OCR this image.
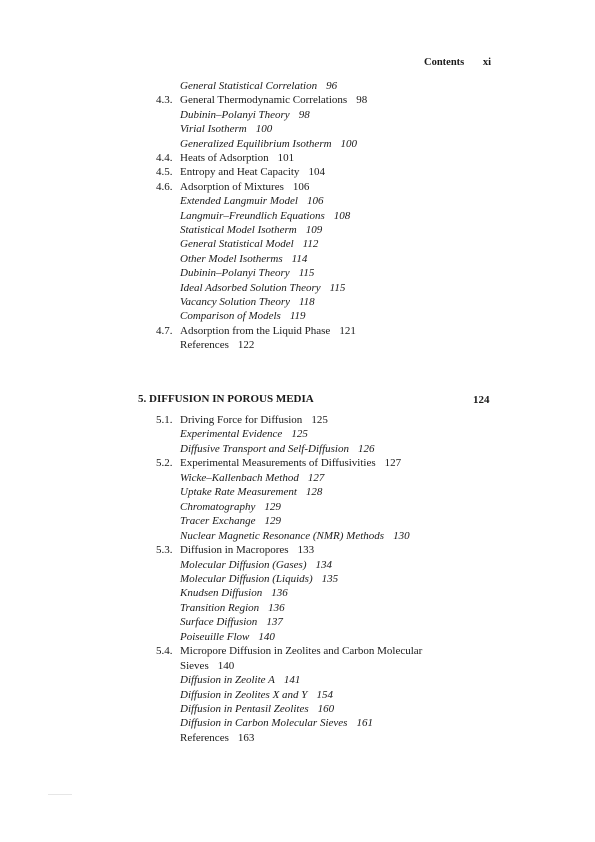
Contents xi
General Statistical Correlation 96
4.3. General Thermodynamic Correlations 98
Dubinin–Polanyi Theory 98
Virial Isotherm 100
Generalized Equilibrium Isotherm 100
4.4. Heats of Adsorption 101
4.5. Entropy and Heat Capacity 104
4.6. Adsorption of Mixtures 106
Extended Langmuir Model 106
Langmuir–Freundlich Equations 108
Statistical Model Isotherm 109
General Statistical Model 112
Other Model Isotherms 114
Dubinin–Polanyi Theory 115
Ideal Adsorbed Solution Theory 115
Vacancy Solution Theory 118
Comparison of Models 119
4.7. Adsorption from the Liquid Phase 121
References 122
5.1. Driving Force for Diffusion 125
Experimental Evidence 125
Diffusive Transport and Self-Diffusion 126
5.2. Experimental Measurements of Diffusivities 127
Wicke–Kallenbach Method 127
Uptake Rate Measurement 128
Chromatography 129
Tracer Exchange 129
Nuclear Magnetic Resonance (NMR) Methods 130
5.3. Diffusion in Macropores 133
Molecular Diffusion (Gases) 134
Molecular Diffusion (Liquids) 135
Knudsen Diffusion 136
Transition Region 136
Surface Diffusion 137
Poiseuille Flow 140
5.4. Micropore Diffusion in Zeolites and Carbon Molecular
Sieves 140
Diffusion in Zeolite A 141
Diffusion in Zeolites X and Y 154
Diffusion in Pentasil Zeolites 160
Diffusion in Carbon Molecular Sieves 161
References 163
5. DIFFUSION IN POROUS MEDIA	124
